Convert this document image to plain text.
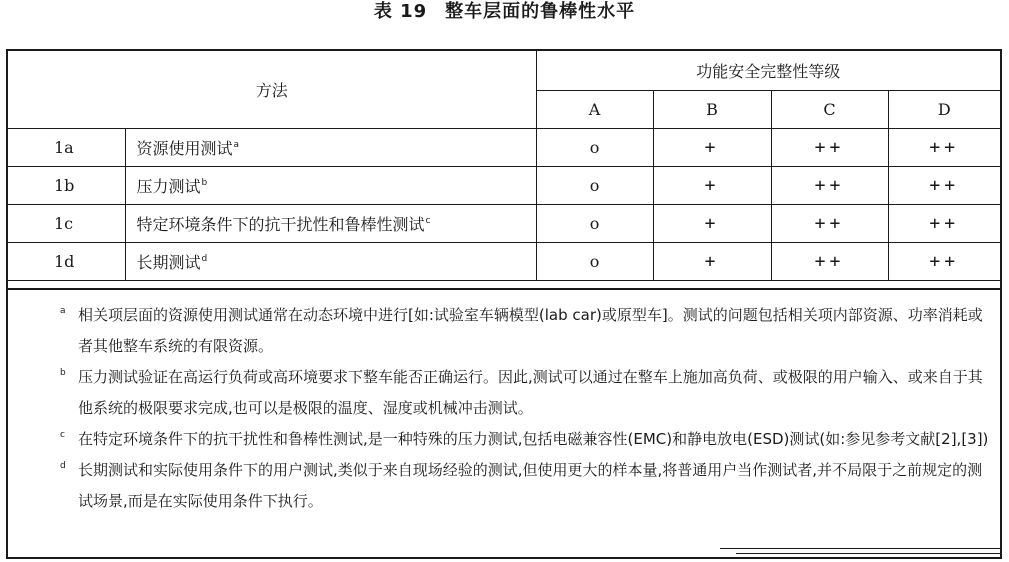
表 19 整车层面的鲁棒性水平
方法		功能安全完整性等级			
		A	B	C	D
1a	资源使用测试$^a$	o	+	++	++
1b	压力测试$^b$	o	+	++	++
1c	特定环境条件下的抗干扰性和鲁棒性测试$^c$	o	+	++	++
1d	长期测试$^d$	o	+	++	++
a 相关项层面的资源使用测试通常在动态环境中进行[如:试验室车辆模型(lab car)或原型车]。测试的问题包括相关项内部资源、功率消耗或者其他整车系统的有限资源。
b 压力测试验证在高运行负荷或高环境要求下整车能否正确运行。因此,测试可以通过在整车上施加高负荷、或极限的用户输入、或来自于其他系统的极限要求完成,也可以是极限的温度、湿度或机械冲击测试。
c 在特定环境条件下的抗干扰性和鲁棒性测试,是一种特殊的压力测试,包括电磁兼容性(EMC)和静电放电(ESD)测试(如:参见参考文献[2],[3])
d 长期测试和实际使用条件下的用户测试,类似于来自现场经验的测试,但使用更大的样本量,将普通用户当作测试者,并不局限于之前规定的测试场景,而是在实际使用条件下执行。
